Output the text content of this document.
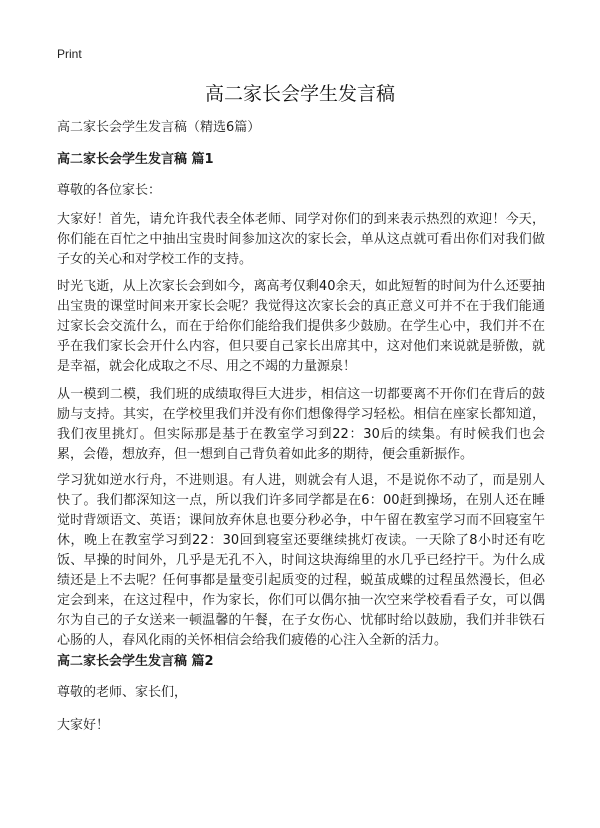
Print
高二家长会学生发言稿
高二家长会学生发言稿（精选6篇）
高二家长会学生发言稿 篇1

尊敬的各位家长：

大家好！首先，请允许我代表全体老师、同学对你们的到来表示热烈的欢迎！今天，你们能在百忙之中抽出宝贵时间参加这次的家长会，单从这点就可看出你们对我们做子女的关心和对学校工作的支持。

时光飞逝，从上次家长会到如今，离高考仅剩40余天，如此短暂的时间为什么还要抽出宝贵的课堂时间来开家长会呢？我觉得这次家长会的真正意义可并不在于我们能通过家长会交流什么，而在于给你们能给我们提供多少鼓励。在学生心中，我们并不在乎在我们家长会开什么内容，但只要自己家长出席其中，这对他们来说就是骄傲，就是幸福，就会化成取之不尽、用之不竭的力量源泉！

从一模到二模，我们班的成绩取得巨大进步，相信这一切都要离不开你们在背后的鼓励与支持。其实，在学校里我们并没有你们想像得学习轻松。相信在座家长都知道，我们夜里挑灯。但实际那是基于在教室学习到22：30后的续集。有时候我们也会累，会倦，想放弃，但一想到自己背负着如此多的期待，便会重新振作。

学习犹如逆水行舟，不进则退。有人进，则就会有人退，不是说你不动了，而是别人快了。我们都深知这一点，所以我们许多同学都是在6：00赶到操场，在别人还在睡觉时背颂语文、英语；课间放弃休息也要分秒必争，中午留在教室学习而不回寝室午休，晚上在教室学习到22：30回到寝室还要继续挑灯夜读。一天除了8小时还有吃饭、早操的时间外，几乎是无孔不入，时间这块海绵里的水几乎已经拧干。为什么成绩还是上不去呢？任何事都是量变引起质变的过程，蜕茧成蝶的过程虽然漫长，但必定会到来，在这过程中，作为家长，你们可以偶尔抽一次空来学校看看子女，可以偶尔为自己的子女送来一顿温馨的午餐，在子女伤心、忧郁时给以鼓励，我们并非铁石心肠的人，春风化雨的关怀相信会给我们疲倦的心注入全新的活力。

高二家长会学生发言稿 篇2

尊敬的老师、家长们，

大家好！
